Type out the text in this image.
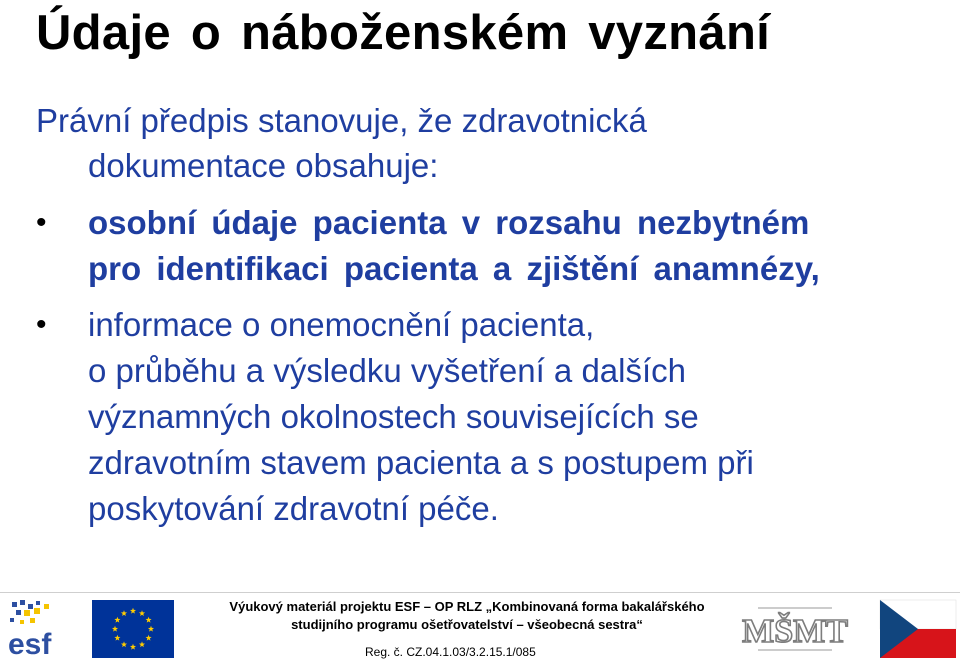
Údaje o náboženském vyznání

Právní předpis stanovuje, že zdravotnická
dokumentace obsahuje:

• osobní údaje pacienta v rozsahu nezbytném
pro identifikaci pacienta a zjištění anamnézy,
• informace o onemocnění pacienta,
o průběhu a výsledku vyšetření a dalších
významných okolnostech souvisejících se
zdravotním stavem pacienta a s postupem při
poskytování zdravotní péče.
esf
Výukový materiál projektu ESF – OP RLZ „Kombinovaná forma bakalářského
studijního programu ošetřovatelství – všeobecná sestra“
Reg. č. CZ.04.1.03/3.2.15.1/085
MŠMT
